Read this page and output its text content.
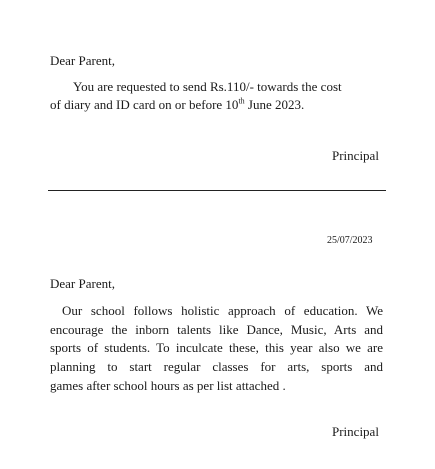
Dear Parent,
You are requested to send Rs.110/- towards the cost
of diary and ID card on or before 10th June 2023.
Principal
25/07/2023
Dear Parent,
Our school follows holistic approach of education. We
encourage the inborn talents like Dance, Music, Arts and
sports of students. To inculcate these, this year also we are
planning to start regular classes for arts, sports and
games after school hours as per list attached .
Principal
